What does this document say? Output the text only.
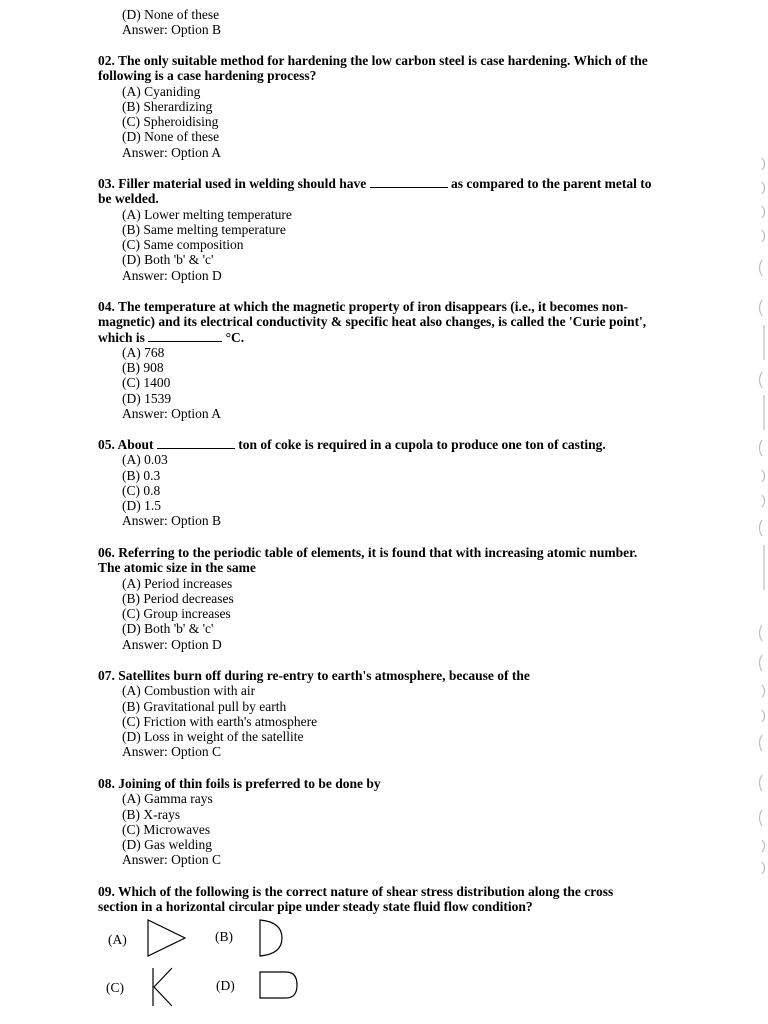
(D) None of these
Answer: Option B
02. The only suitable method for hardening the low carbon steel is case hardening. Which of the
following is a case hardening process?
(A) Cyaniding
(B) Sherardizing
(C) Spheroidising
(D) None of these
Answer: Option A
03. Filler material used in welding should have	as compared to the parent metal to
be welded.
(A) Lower melting temperature
(B) Same melting temperature
(C) Same composition
(D) Both 'b' & 'c'
Answer: Option D
04. The temperature at which the magnetic property of iron disappears (i.e., it becomes non-
magnetic) and its electrical conductivity & specific heat also changes, is called the 'Curie point',
which is	°C.
(A) 768
(B) 908
(C) 1400
(D) 1539
Answer: Option A
05. About	ton of coke is required in a cupola to produce one ton of casting.
(A) 0.03
(B) 0.3
(C) 0.8
(D) 1.5
Answer: Option B
06. Referring to the periodic table of elements, it is found that with increasing atomic number.
The atomic size in the same
(A) Period increases
(B) Period decreases
(C) Group increases
(D) Both 'b' & 'c'
Answer: Option D
07. Satellites burn off during re-entry to earth's atmosphere, because of the
(A) Combustion with air
(B) Gravitational pull by earth
(C) Friction with earth's atmosphere
(D) Loss in weight of the satellite
Answer: Option C
08. Joining of thin foils is preferred to be done by
(A) Gamma rays
(B) X-rays
(C) Microwaves
(D) Gas welding
Answer: Option C
09. Which of the following is the correct nature of shear stress distribution along the cross
section in a horizontal circular pipe under steady state fluid flow condition?
(A)	(B)
(C)	(D)
